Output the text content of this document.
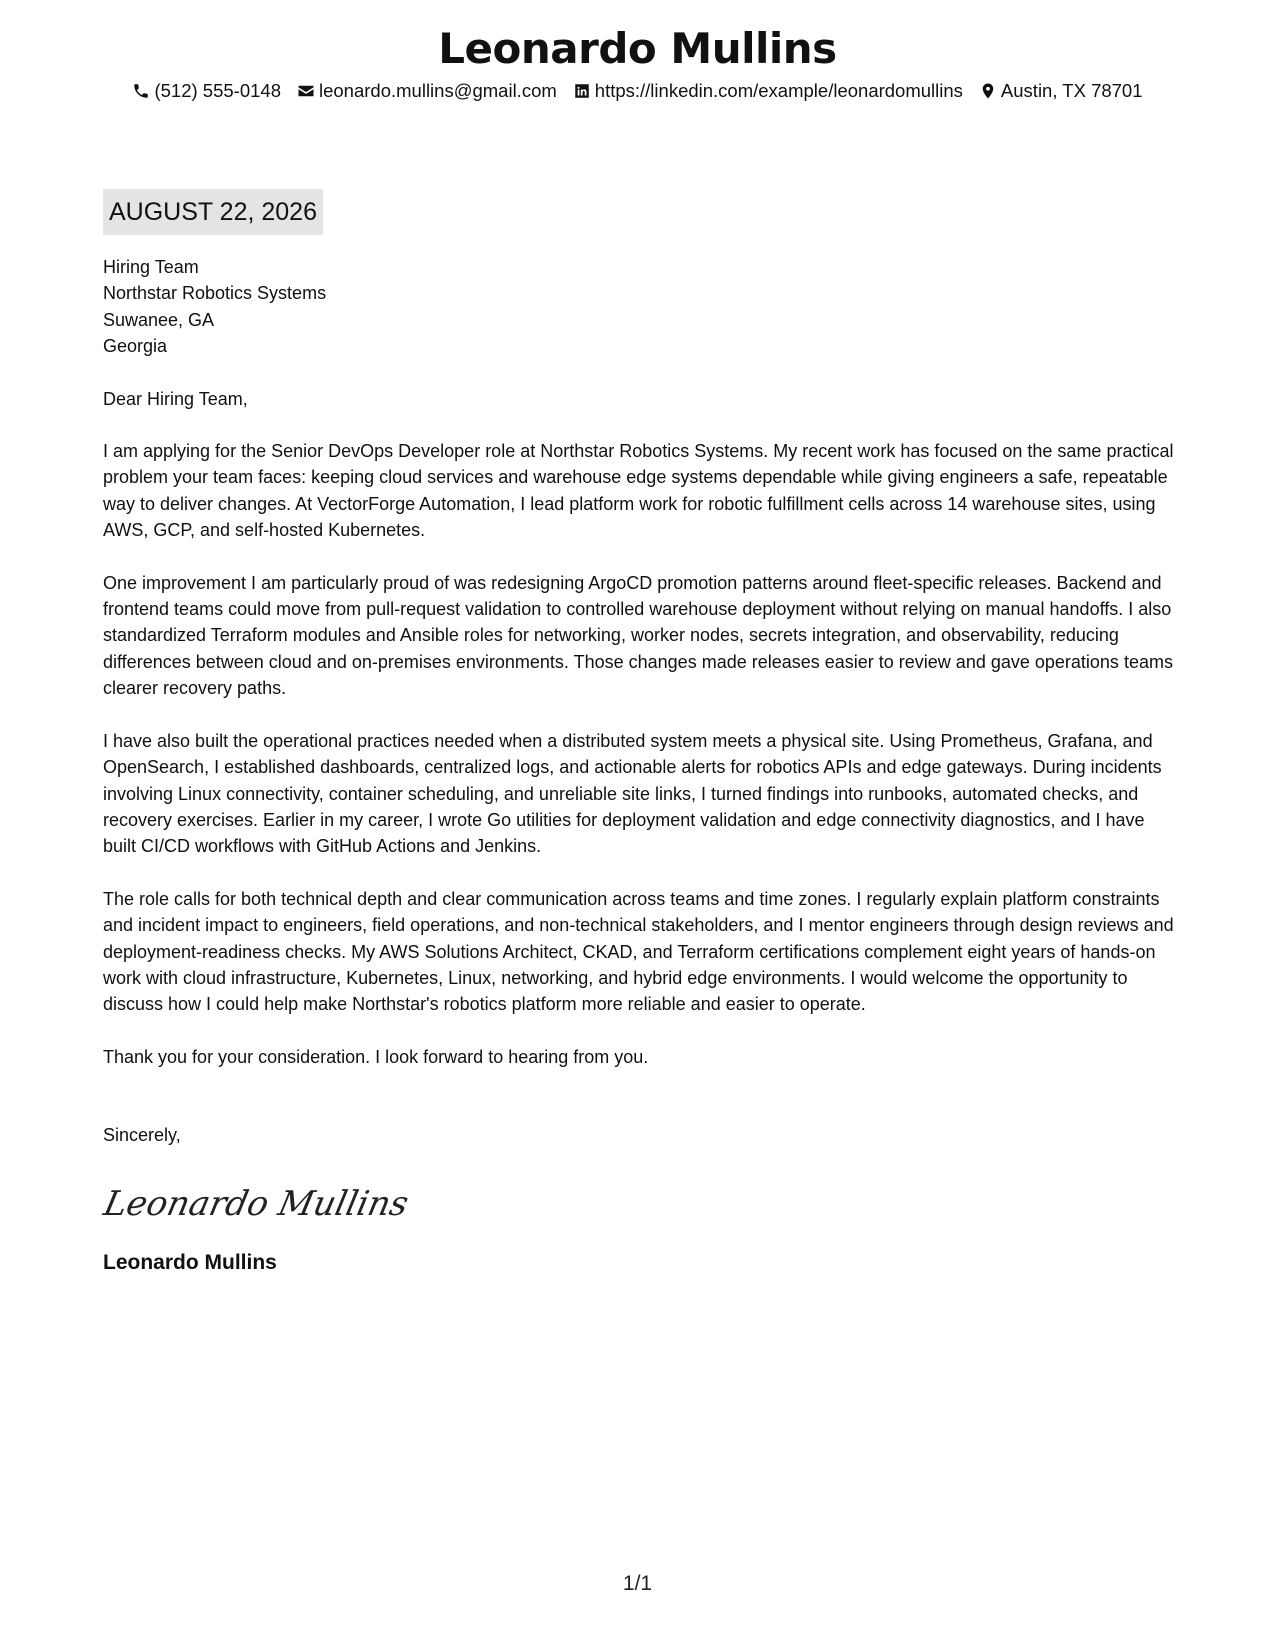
Leonardo Mullins
(512) 555-0148 leonardo.mullins@gmail.com https://linkedin.com/example/leonardomullins Austin, TX 78701
AUGUST 22, 2026
Hiring Team
Northstar Robotics Systems
Suwanee, GA
Georgia

Dear Hiring Team,

I am applying for the Senior DevOps Developer role at Northstar Robotics Systems. My recent work has focused on the same practical problem your team faces: keeping cloud services and warehouse edge systems dependable while giving engineers a safe, repeatable way to deliver changes. At VectorForge Automation, I lead platform work for robotic fulfillment cells across 14 warehouse sites, using AWS, GCP, and self-hosted Kubernetes.

One improvement I am particularly proud of was redesigning ArgoCD promotion patterns around fleet-specific releases. Backend and frontend teams could move from pull-request validation to controlled warehouse deployment without relying on manual handoffs. I also standardized Terraform modules and Ansible roles for networking, worker nodes, secrets integration, and observability, reducing differences between cloud and on-premises environments. Those changes made releases easier to review and gave operations teams clearer recovery paths.

I have also built the operational practices needed when a distributed system meets a physical site. Using Prometheus, Grafana, and OpenSearch, I established dashboards, centralized logs, and actionable alerts for robotics APIs and edge gateways. During incidents involving Linux connectivity, container scheduling, and unreliable site links, I turned findings into runbooks, automated checks, and recovery exercises. Earlier in my career, I wrote Go utilities for deployment validation and edge connectivity diagnostics, and I have built CI/CD workflows with GitHub Actions and Jenkins.

The role calls for both technical depth and clear communication across teams and time zones. I regularly explain platform constraints and incident impact to engineers, field operations, and non-technical stakeholders, and I mentor engineers through design reviews and deployment-readiness checks. My AWS Solutions Architect, CKAD, and Terraform certifications complement eight years of hands-on work with cloud infrastructure, Kubernetes, Linux, networking, and hybrid edge environments. I would welcome the opportunity to discuss how I could help make Northstar's robotics platform more reliable and easier to operate.

Thank you for your consideration. I look forward to hearing from you.

Sincerely,

Leonardo Mullins
Leonardo Mullins
1/1
